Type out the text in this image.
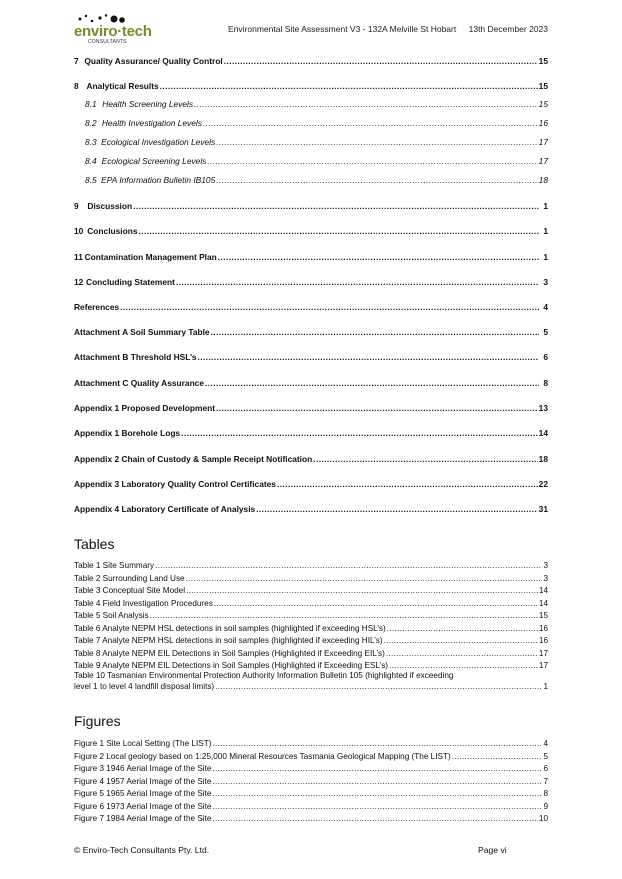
enviro·tech
CONSULTANTS
Environmental Site Assessment V3 - 132A Melville St Hobart 13th December 2023
Tables
Figures
© Enviro-Tech Consultants Pty. Ltd.	Page vi
7 Quality Assurance/ Quality Control .....	15
8 Analytical Results .....	15
8.1 Health Screening Levels .....	15
8.2 Health Investigation Levels .....	16
8.3 Ecological Investigation Levels .....	17
8.4 Ecological Screening Levels .....	17
8.5 EPA Information Bulletin IB105 .....	18
9	Discussion .....	1
10 Conclusions .....	1
11 Contamination Management Plan .....	1
12 Concluding Statement .....	3
References .....	4
Attachment A Soil Summary Table .....	5
Attachment B Threshold HSL’s .....	6
Attachment C Quality Assurance .....	8
Appendix 1 Proposed Development .....	13
Appendix 1 Borehole Logs .....	14
Appendix 2 Chain of Custody & Sample Receipt Notification .....	18
Appendix 3 Laboratory Quality Control Certificates .....	22
Appendix 4 Laboratory Certificate of Analysis .....	31
Table 1 Site Summary .....	3
Table 2 Surrounding Land Use .....	3
Table 3 Conceptual Site Model .....	14
Table 4 Field Investigation Procedures .....	14
Table 5 Soil Analysis .....	15
Table 6 Analyte NEPM HSL detections in soil samples (highlighted if exceeding HSL’s) .....	16
Table 7 Analyte NEPM HSL detections in soil samples (highlighted if exceeding HIL’s) .....	16
Table 8 Analyte NEPM EIL Detections in Soil Samples (Highlighted if Exceeding EIL’s) .....	17
Table 9 Analyte NEPM EIL Detections in Soil Samples (Highlighted if Exceeding ESL’s) .....	17
Table 10 Tasmanian Environmental Protection Authority Information Bulletin 105 (highlighted if exceeding
level 1 to level 4 landfill disposal limits) .....	1
Figure 1 Site Local Setting (The LIST) .....	4
Figure 2 Local geology based on 1:25,000 Mineral Resources Tasmania Geological Mapping (The LIST) .....	5
Figure 3 1946 Aerial Image of the Site .....	6
Figure 4 1957 Aerial Image of the Site .....	7
Figure 5 1965 Aerial Image of the Site .....	8
Figure 6 1973 Aerial Image of the Site .....	9
Figure 7 1984 Aerial Image of the Site .....	10
